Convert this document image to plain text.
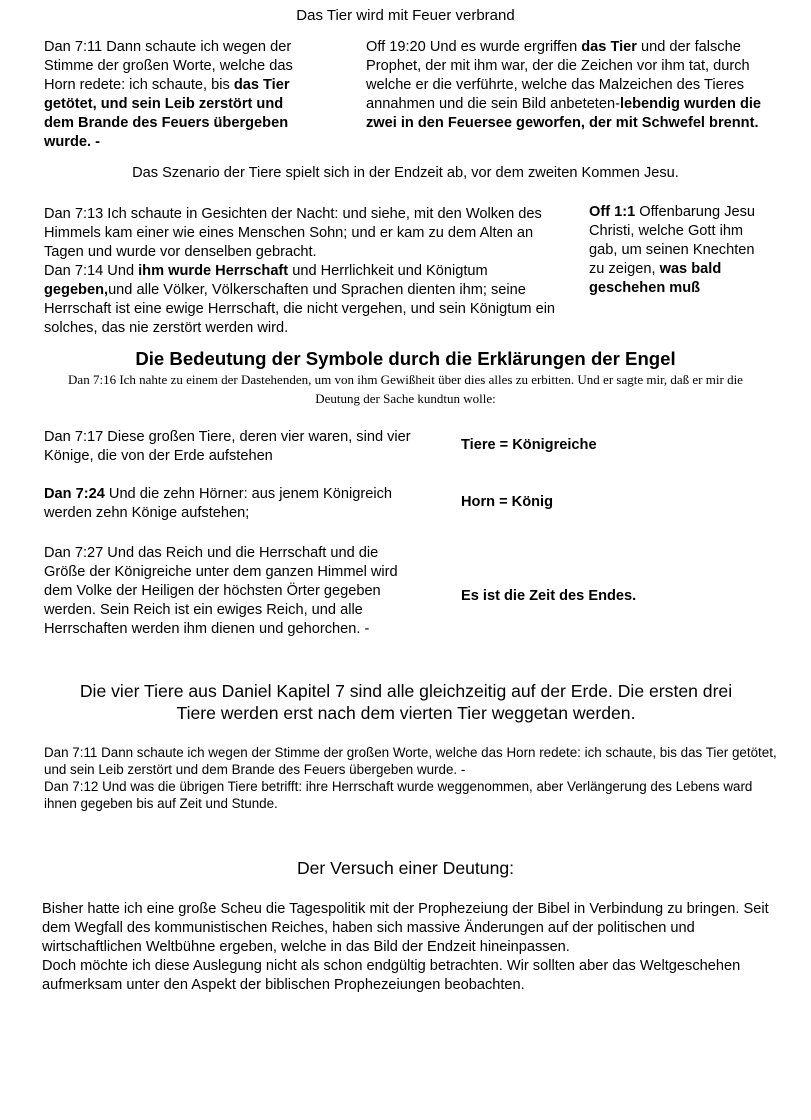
Das Tier wird mit Feuer verbrand
Dan 7:11 Dann schaute ich wegen der Stimme der großen Worte, welche das Horn redete: ich schaute, bis das Tier getötet, und sein Leib zerstört und dem Brande des Feuers übergeben wurde. -
Off 19:20 Und es wurde ergriffen das Tier und der falsche Prophet, der mit ihm war, der die Zeichen vor ihm tat, durch welche er die verführte, welche das Malzeichen des Tieres annahmen und die sein Bild anbeteten-lebendig wurden die zwei in den Feuersee geworfen, der mit Schwefel brennt.
Das Szenario der Tiere spielt sich in der Endzeit ab, vor dem zweiten Kommen Jesu.
Dan 7:13 Ich schaute in Gesichten der Nacht: und siehe, mit den Wolken des Himmels kam einer wie eines Menschen Sohn; und er kam zu dem Alten an Tagen und wurde vor denselben gebracht.
Dan 7:14 Und ihm wurde Herrschaft und Herrlichkeit und Königtum gegeben,und alle Völker, Völkerschaften und Sprachen dienten ihm; seine Herrschaft ist eine ewige Herrschaft, die nicht vergehen, und sein Königtum ein solches, das nie zerstört werden wird.
Off 1:1 Offenbarung Jesu Christi, welche Gott ihm gab, um seinen Knechten zu zeigen, was bald geschehen muß
Die Bedeutung der Symbole durch die Erklärungen der Engel
Dan 7:16 Ich nahte zu einem der Dastehenden, um von ihm Gewißheit über dies alles zu erbitten. Und er sagte mir, daß er mir die Deutung der Sache kundtun wolle:
Dan 7:17 Diese großen Tiere, deren vier waren, sind vier Könige, die von der Erde aufstehen
Tiere = Königreiche
Dan 7:24 Und die zehn Hörner: aus jenem Königreich werden zehn Könige aufstehen;
Horn = König
Dan 7:27 Und das Reich und die Herrschaft und die Größe der Königreiche unter dem ganzen Himmel wird dem Volke der Heiligen der höchsten Örter gegeben werden. Sein Reich ist ein ewiges Reich, und alle Herrschaften werden ihm dienen und gehorchen. -
Es ist die Zeit des Endes.
Die vier Tiere aus Daniel Kapitel 7 sind alle gleichzeitig auf der Erde. Die ersten drei Tiere werden erst nach dem vierten Tier weggetan werden.
Dan 7:11 Dann schaute ich wegen der Stimme der großen Worte, welche das Horn redete: ich schaute, bis das Tier getötet, und sein Leib zerstört und dem Brande des Feuers übergeben wurde. -
Dan 7:12 Und was die übrigen Tiere betrifft: ihre Herrschaft wurde weggenommen, aber Verlängerung des Lebens ward ihnen gegeben bis auf Zeit und Stunde.
Der Versuch einer Deutung:
Bisher hatte ich eine große Scheu die Tagespolitik mit der Prophezeiung der Bibel in Verbindung zu bringen. Seit dem Wegfall des kommunistischen Reiches, haben sich massive Änderungen auf der politischen und wirtschaftlichen Weltbühne ergeben, welche in das Bild der Endzeit hineinpassen.
Doch möchte ich diese Auslegung nicht als schon endgültig betrachten. Wir sollten aber das Weltgeschehen aufmerksam unter den Aspekt der biblischen Prophezeiungen beobachten.
